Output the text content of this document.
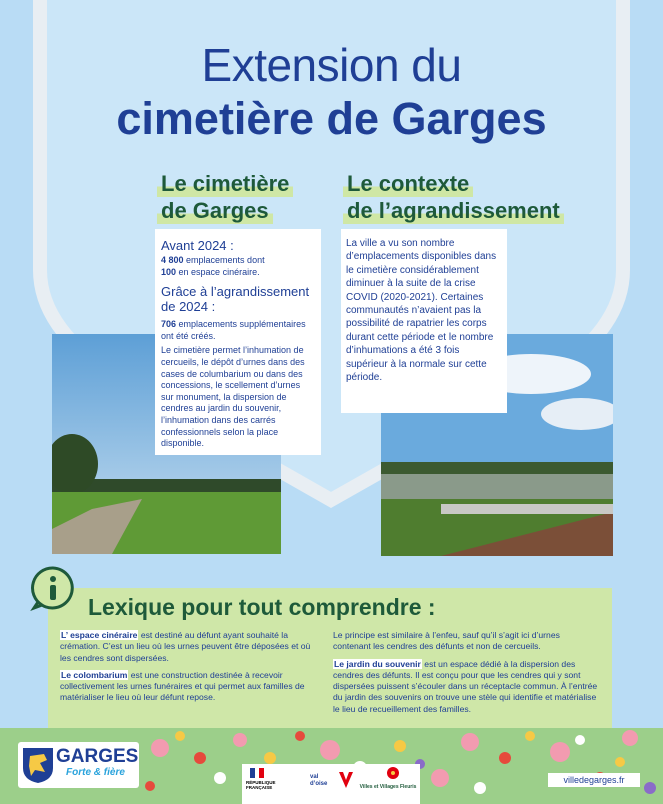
Extension du
cimetière de Garges
Le cimetière
de Garges

Avant 2024 :

4 800 emplacements dont

100 en espace cinéraire.

Grâce à l’agrandissement

de 2024 :

706 emplacements supplémentaires ont été créés.

Le cimetière permet l’inhumation de cercueils, le dépôt d’urnes dans des cases de columbarium ou dans des concessions, le scellement d’urnes sur monument, la dispersion de cendres au jardin du souvenir, l’inhumation dans des carrés confessionnels selon la place disponible.

Le contexte
de l’agrandissement

La ville a vu son nombre d’emplacements disponibles dans le cimetière considérablement diminuer à la suite de la crise COVID (2020-2021). Certaines communautés n’avaient pas la possibilité de rapatrier les corps durant cette période et le nombre d’inhumations a été 3 fois supérieur à la normale sur cette période.

Lexique pour tout comprendre :

L’ espace cinéraire est destiné au défunt ayant souhaité la crémation. C’est un lieu où les urnes peuvent être déposées et où les cendres sont dispersées.

Le colombarium est une construction destinée à recevoir collectivement les urnes funéraires et qui permet aux familles de matérialiser le lieu où leur défunt repose.

Le principe est similaire à l’enfeu, sauf qu’il s’agit ici d’urnes contenant les cendres des défunts et non de cercueils.

Le jardin du souvenir est un espace dédié à la dispersion des cendres des défunts. Il est conçu pour que les cendres qui y sont dispersées puissent s’écouler dans un réceptacle commun. À l’entrée du jardin des souvenirs on trouve une stèle qui identifie et matérialise le lieu de recueillement des familles.

GARGES
Forte & fière
RÉPUBLIQUE FRANÇAISE
val d’oise	Villes et Villages Fleuris
villedegarges.fr
